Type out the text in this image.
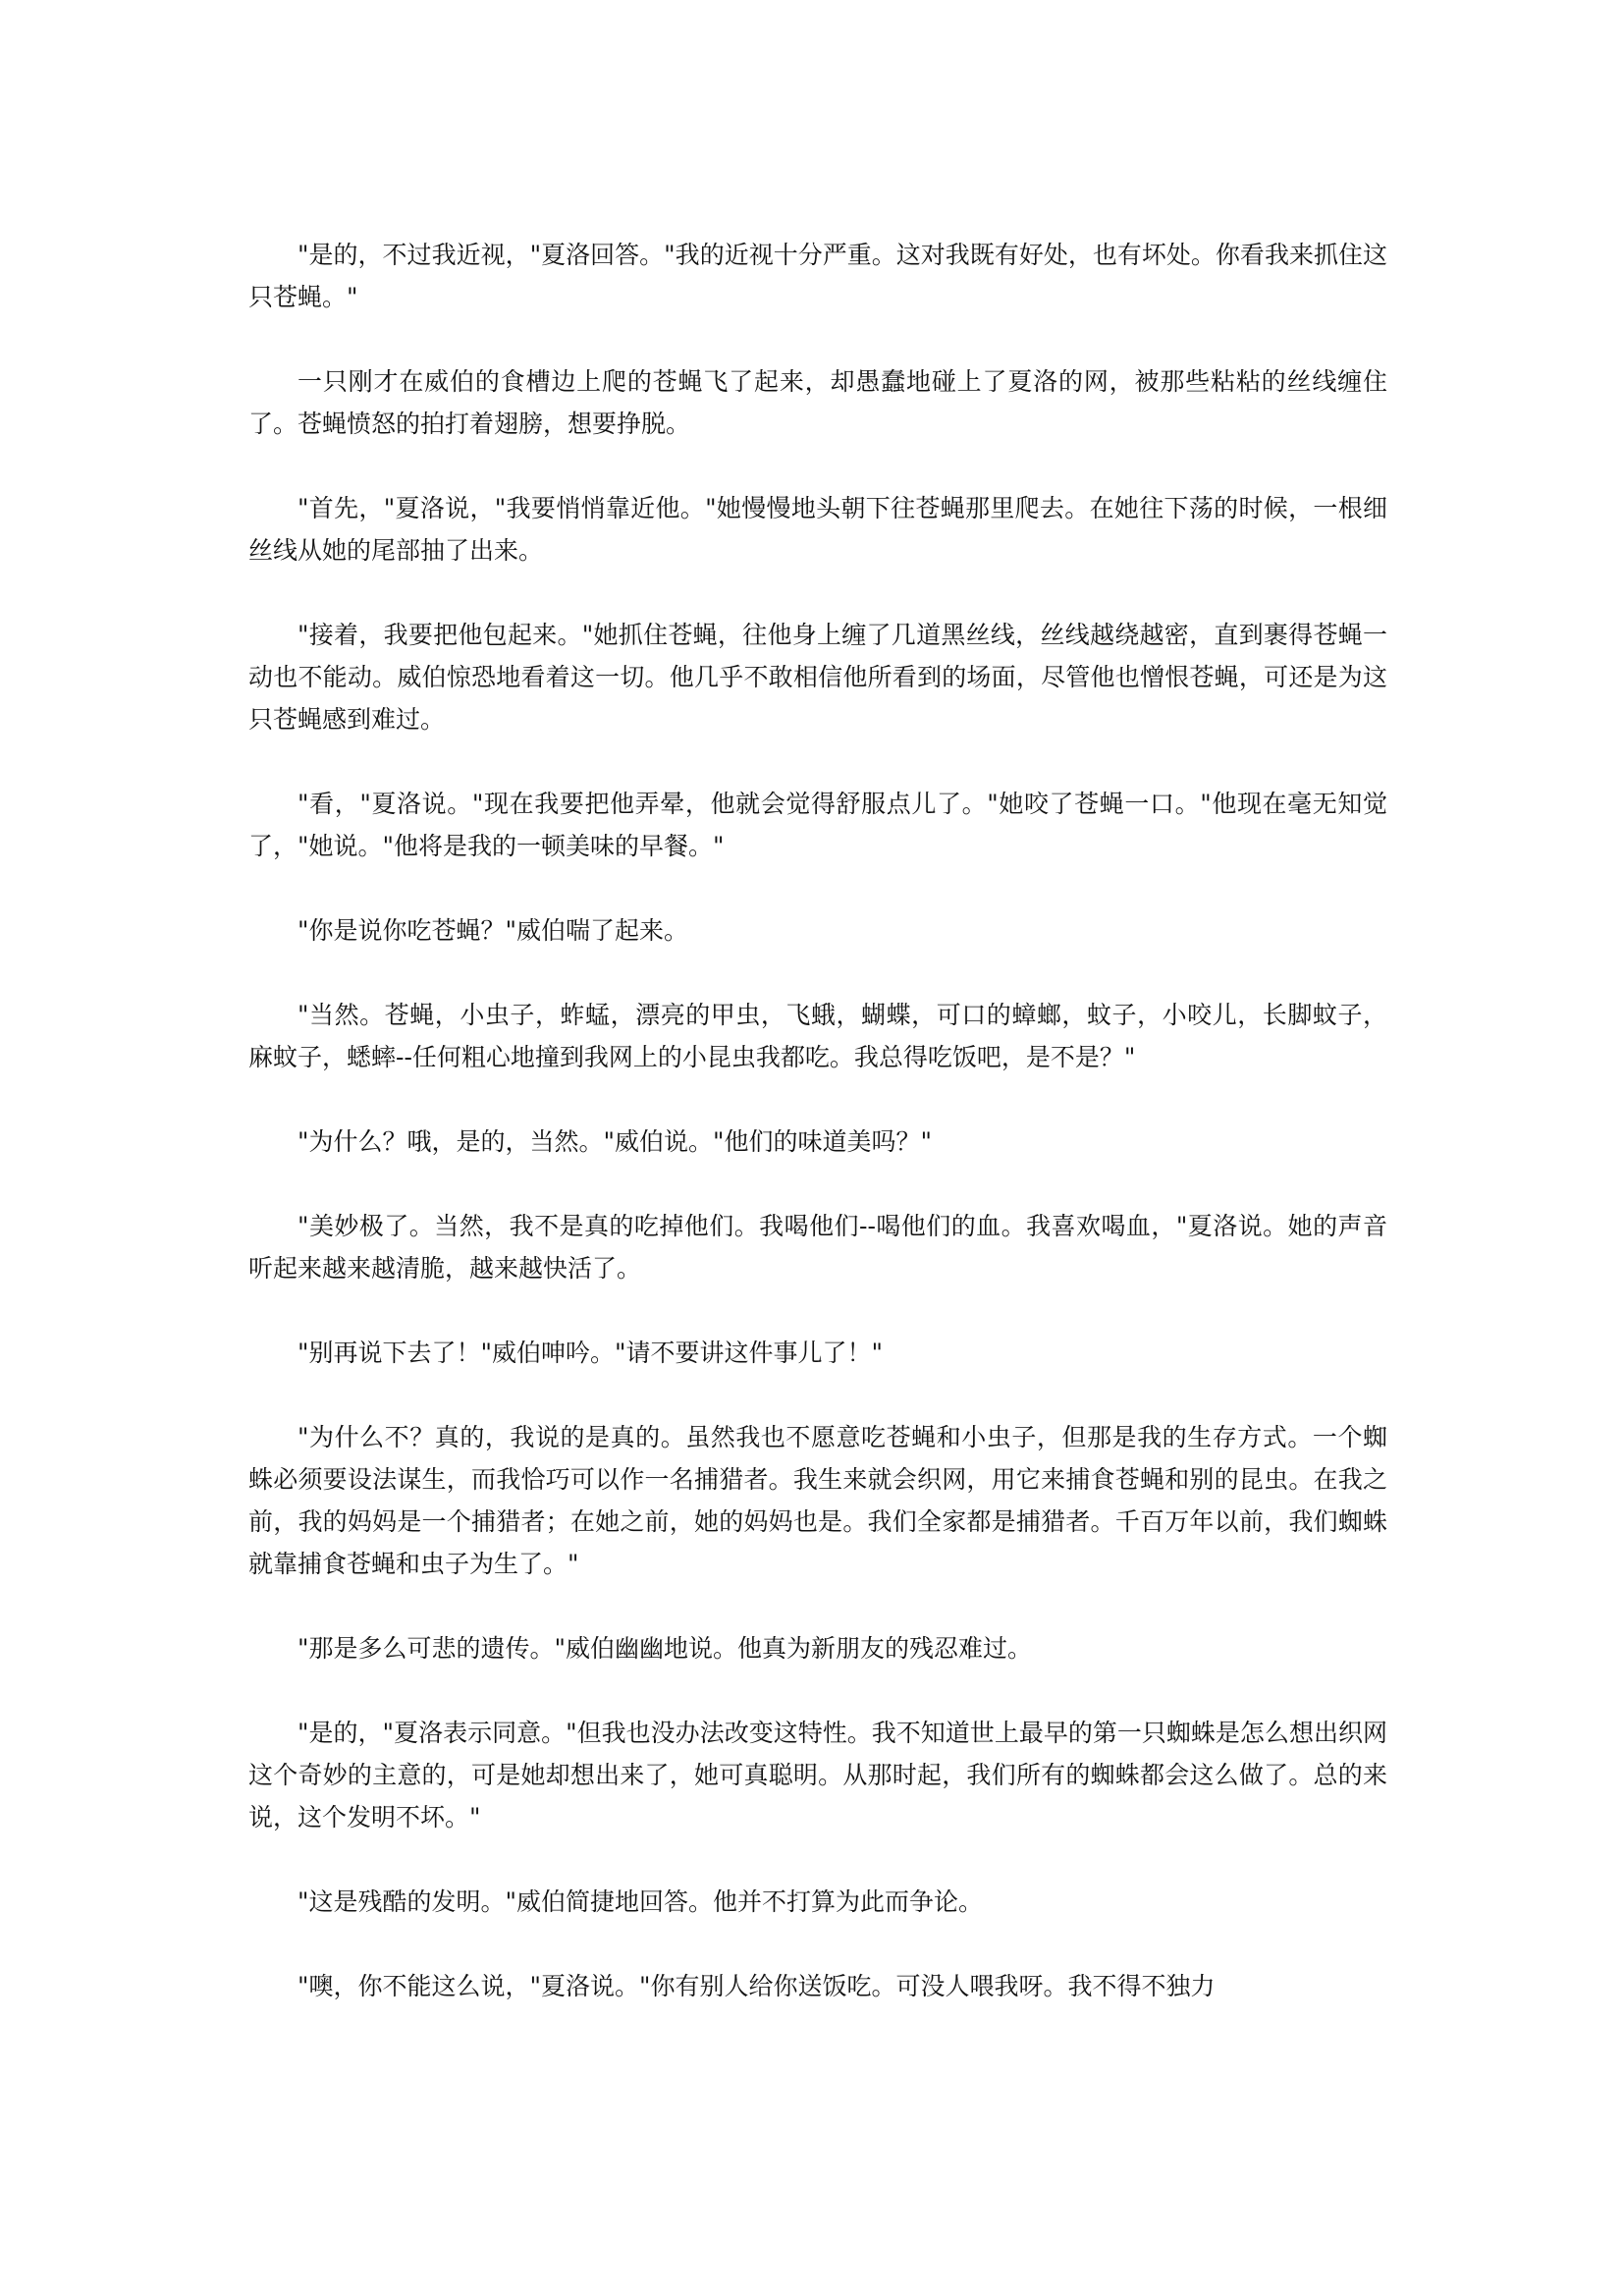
"是的，不过我近视，"夏洛回答。"我的近视十分严重。这对我既有好处，也有坏处。你看我来抓住这只苍蝇。"

一只刚才在威伯的食槽边上爬的苍蝇飞了起来，却愚蠢地碰上了夏洛的网，被那些粘粘的丝线缠住了。苍蝇愤怒的拍打着翅膀，想要挣脱。

"首先，"夏洛说，"我要悄悄靠近他。"她慢慢地头朝下往苍蝇那里爬去。在她往下荡的时候，一根细丝线从她的尾部抽了出来。

"接着，我要把他包起来。"她抓住苍蝇，往他身上缠了几道黑丝线，丝线越绕越密，直到裹得苍蝇一动也不能动。威伯惊恐地看着这一切。他几乎不敢相信他所看到的场面，尽管他也憎恨苍蝇，可还是为这只苍蝇感到难过。

"看，"夏洛说。"现在我要把他弄晕，他就会觉得舒服点儿了。"她咬了苍蝇一口。"他现在毫无知觉了，"她说。"他将是我的一顿美味的早餐。"

"你是说你吃苍蝇？"威伯喘了起来。

"当然。苍蝇，小虫子，蚱蜢，漂亮的甲虫，飞蛾，蝴蝶，可口的蟑螂，蚊子，小咬儿，长脚蚊子，麻蚊子，蟋蟀--任何粗心地撞到我网上的小昆虫我都吃。我总得吃饭吧，是不是？"

"为什么？哦，是的，当然。"威伯说。"他们的味道美吗？"

"美妙极了。当然，我不是真的吃掉他们。我喝他们--喝他们的血。我喜欢喝血，"夏洛说。她的声音听起来越来越清脆，越来越快活了。

"别再说下去了！"威伯呻吟。"请不要讲这件事儿了！"

"为什么不？真的，我说的是真的。虽然我也不愿意吃苍蝇和小虫子，但那是我的生存方式。一个蜘蛛必须要设法谋生，而我恰巧可以作一名捕猎者。我生来就会织网，用它来捕食苍蝇和别的昆虫。在我之前，我的妈妈是一个捕猎者；在她之前，她的妈妈也是。我们全家都是捕猎者。千百万年以前，我们蜘蛛就靠捕食苍蝇和虫子为生了。"

"那是多么可悲的遗传。"威伯幽幽地说。他真为新朋友的残忍难过。

"是的，"夏洛表示同意。"但我也没办法改变这特性。我不知道世上最早的第一只蜘蛛是怎么想出织网这个奇妙的主意的，可是她却想出来了，她可真聪明。从那时起，我们所有的蜘蛛都会这么做了。总的来说，这个发明不坏。"

"这是残酷的发明。"威伯简捷地回答。他并不打算为此而争论。

"噢，你不能这么说，"夏洛说。"你有别人给你送饭吃。可没人喂我呀。我不得不独力
